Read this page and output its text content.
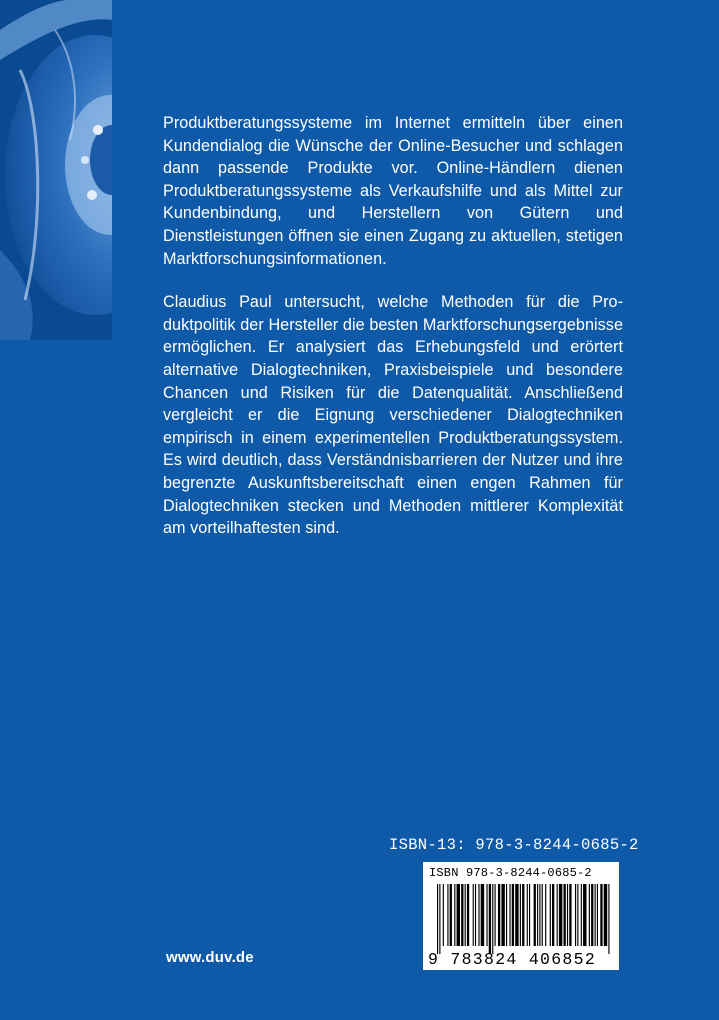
Produktberatungssysteme im Internet ermitteln über einen Kundendialog die Wünsche der Online-Besucher und schlagen dann passende Produkte vor. Online-Händlern dienen Produktberatungssysteme als Verkaufshilfe und als Mittel zur Kundenbindung, und Herstellern von Gütern und Dienstleistungen öffnen sie einen Zugang zu aktuellen, stetigen Marktforschungsinformationen.

Claudius Paul untersucht, welche Methoden für die Produktpolitik der Hersteller die besten Marktforschungsergebnisse ermöglichen. Er analysiert das Erhebungsfeld und erörtert alternative Dialogtechniken, Praxisbeispiele und besondere Chancen und Risiken für die Datenqualität. Anschließend vergleicht er die Eignung verschiedener Dialogtechniken empirisch in einem experimentellen Produktberatungssystem. Es wird deutlich, dass Verständnisbarrieren der Nutzer und ihre begrenzte Auskunftsbereitschaft einen engen Rahmen für Dialogtechniken stecken und Methoden mittlerer Komplexität am vorteilhaftesten sind.

ISBN-13: 978-3-8244-0685-2
ISBN 978-3-8244-0685-2
9 783824 406852
www.duv.de
